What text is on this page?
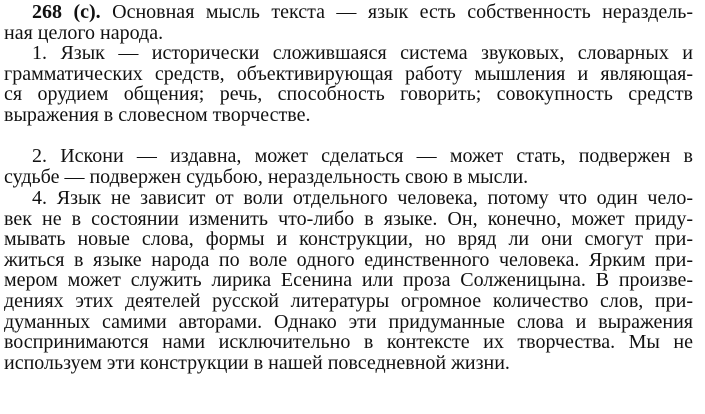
268 (с). Основная мысль текста — язык есть собственность нераздель-
ная целого народа.
1. Язык — исторически сложившаяся система звуковых, словарных и
грамматических средств, объективирующая работу мышления и являющая-
ся орудием общения; речь, способность говорить; совокупность средств
выражения в словесном творчестве.
2. Искони — издавна, может сделаться — может стать, подвержен в
судьбе — подвержен судьбою, нераздельность свою в мысли.
4. Язык не зависит от воли отдельного человека, потому что один чело-
век не в состоянии изменить что-либо в языке. Он, конечно, может приду-
мывать новые слова, формы и конструкции, но вряд ли они смогут при-
житься в языке народа по воле одного единственного человека. Ярким при-
мером может служить лирика Есенина или проза Солженицына. В произве-
дениях этих деятелей русской литературы огромное количество слов, при-
думанных самими авторами. Однако эти придуманные слова и выражения
воспринимаются нами исключительно в контексте их творчества. Мы не
используем эти конструкции в нашей повседневной жизни.
